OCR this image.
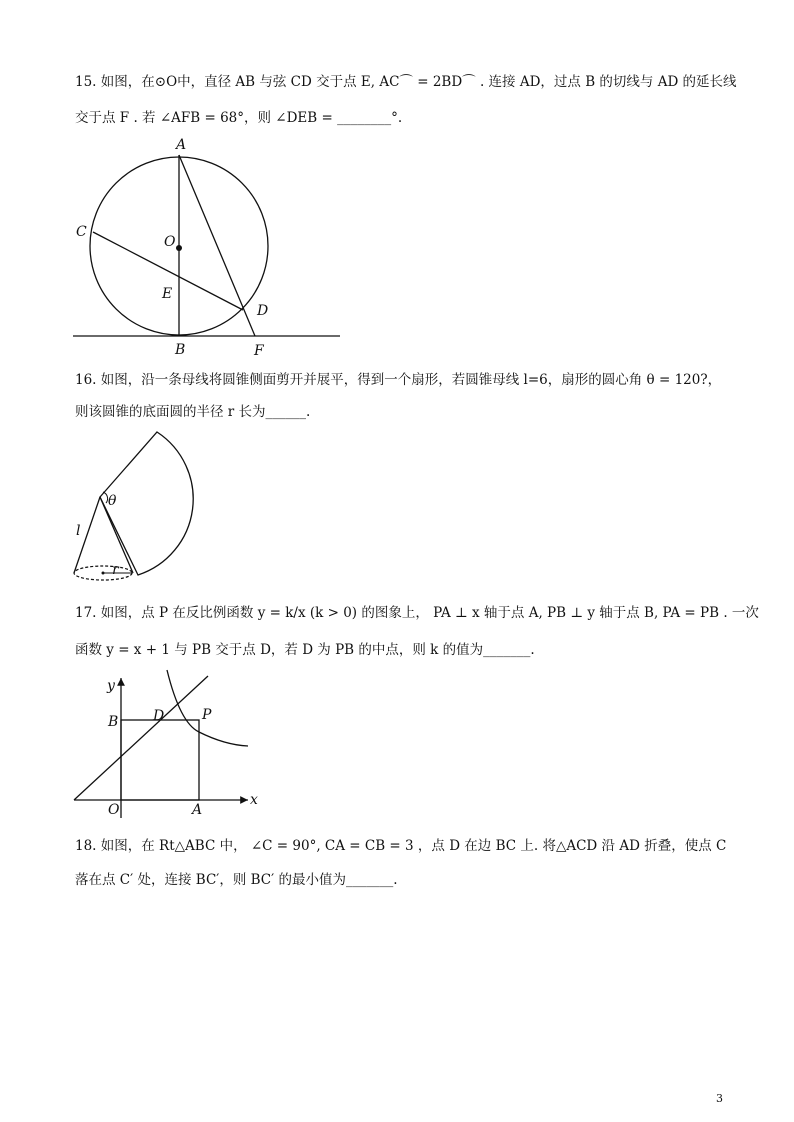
15. 如图，在⊙O中，直径 AB 与弦 CD 交于点 E, AC⌒ = 2BD⌒ . 连接 AD，过点 B 的切线与 AD 的延长线
交于点 F . 若 ∠AFB = 68°，则 ∠DEB = ________°.
A
C
O
E
D
B	F
16. 如图，沿一条母线将圆锥侧面剪开并展平，得到一个扇形，若圆锥母线 l=6，扇形的圆心角 θ = 120?，
则该圆锥的底面圆的半径 r 长为______.
θ
l
r
17. 如图，点 P 在反比例函数 y = k/x (k > 0) 的图象上， PA ⊥ x 轴于点 A, PB ⊥ y 轴于点 B, PA = PB . 一次
函数 y = x + 1 与 PB 交于点 D，若 D 为 PB 的中点，则 k 的值为_______.
y
x
B D	P
O	A
18. 如图，在 Rt△ABC 中， ∠C = 90°, CA = CB = 3 ，点 D 在边 BC 上. 将△ACD 沿 AD 折叠，使点 C
落在点 C′ 处，连接 BC′，则 BC′ 的最小值为_______.
3
